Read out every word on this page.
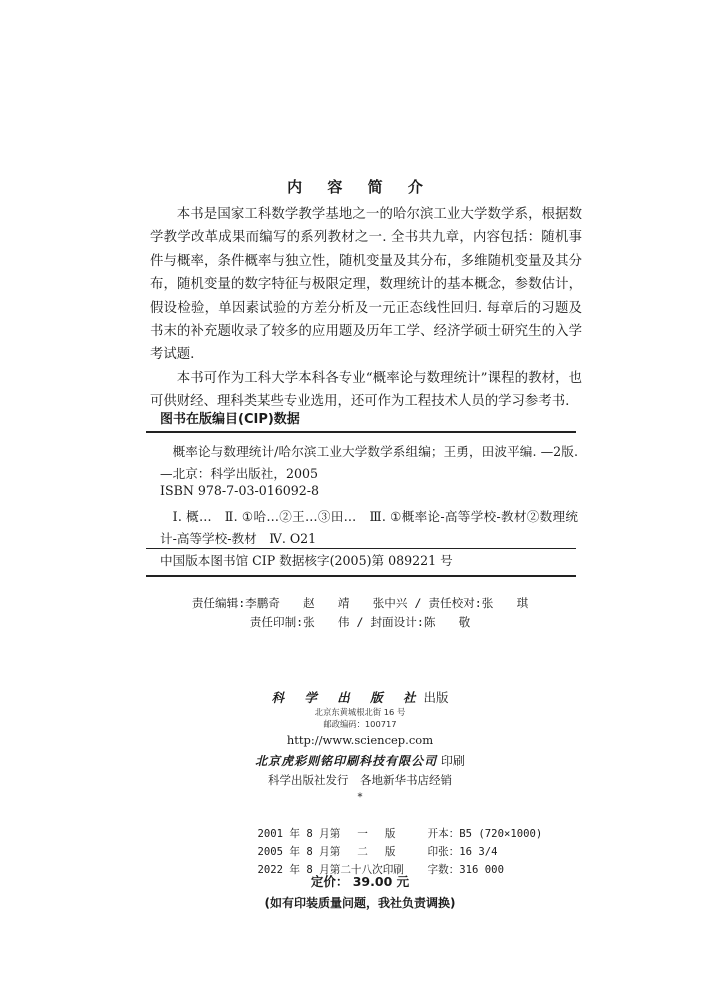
内 容 简 介

本书是国家工科数学教学基地之一的哈尔滨工业大学数学系，根据数学教学改革成果而编写的系列教材之一. 全书共九章，内容包括：随机事件与概率，条件概率与独立性，随机变量及其分布，多维随机变量及其分布，随机变量的数字特征与极限定理，数理统计的基本概念，参数估计，假设检验，单因素试验的方差分析及一元正态线性回归. 每章后的习题及书末的补充题收录了较多的应用题及历年工学、经济学硕士研究生的入学考试题.

本书可作为工科大学本科各专业“概率论与数理统计”课程的教材，也可供财经、理科类某些专业选用，还可作为工程技术人员的学习参考书.

图书在版编目(CIP)数据
概率论与数理统计/哈尔滨工业大学数学系组编；王勇，田波平编. —2版. —北京：科学出版社，2005
ISBN 978-7-03-016092-8
Ⅰ. 概…　Ⅱ. ①哈…②王…③田…　Ⅲ. ①概率论-高等学校-教材②数理统计-高等学校-教材　Ⅳ. O21
中国版本图书馆 CIP 数据核字(2005)第 089221 号
责任编辑:李鹏奇　　赵　　靖　　张中兴 / 责任校对:张　　琪
责任印制:张　　伟 / 封面设计:陈　　敬
科 学 出 版 社出版
北京东黄城根北街 16 号
邮政编码：100717
http://www.sciencep.com
北京虎彩则铭印刷科技有限公司 印刷
科学出版社发行　各地新华书店经销
*

2001 年 8 月第　 一　 版	开本：B5 (720×1000)

2005 年 8 月第　 二　 版	印张：16 3/4

2022 年 8 月第二十八次印刷 字数：316 000

定价： 39.00 元
(如有印装质量问题，我社负责调换)
